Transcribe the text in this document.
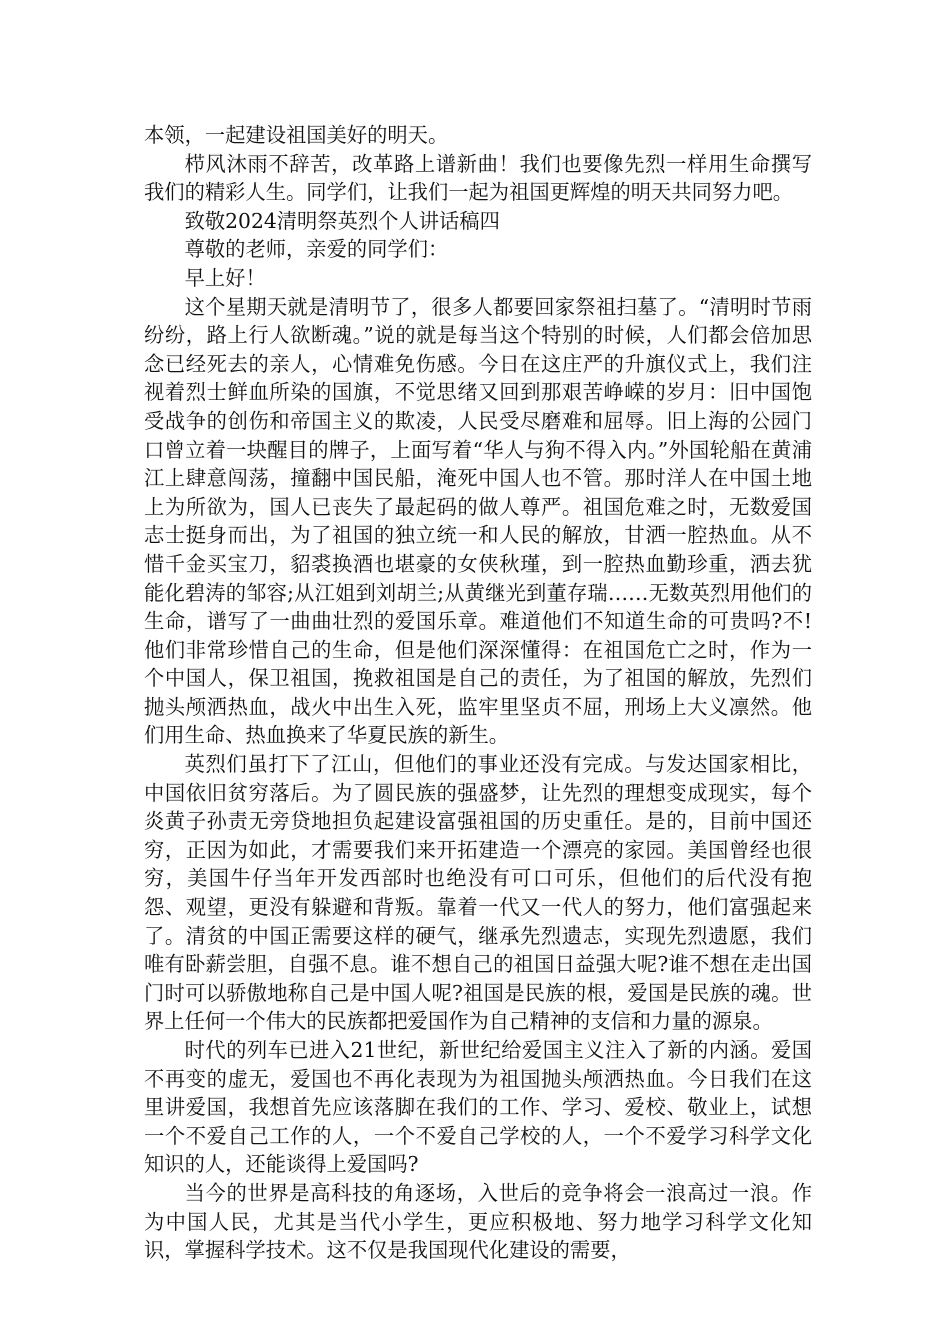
本领，一起建设祖国美好的明天。

栉风沐雨不辞苦，改革路上谱新曲！我们也要像先烈一样用生命撰写我们的精彩人生。同学们，让我们一起为祖国更辉煌的明天共同努力吧。

致敬2024清明祭英烈个人讲话稿四

尊敬的老师，亲爱的同学们：

早上好！

这个星期天就是清明节了，很多人都要回家祭祖扫墓了。“清明时节雨纷纷，路上行人欲断魂。”说的就是每当这个特别的时候，人们都会倍加思念已经死去的亲人，心情难免伤感。今日在这庄严的升旗仪式上，我们注视着烈士鲜血所染的国旗，不觉思绪又回到那艰苦峥嵘的岁月：旧中国饱受战争的创伤和帝国主义的欺凌，人民受尽磨难和屈辱。旧上海的公园门口曾立着一块醒目的牌子，上面写着“华人与狗不得入内。”外国轮船在黄浦江上肆意闯荡，撞翻中国民船，淹死中国人也不管。那时洋人在中国土地上为所欲为，国人已丧失了最起码的做人尊严。祖国危难之时，无数爱国志士挺身而出，为了祖国的独立统一和人民的解放，甘洒一腔热血。从不惜千金买宝刀，貂裘换酒也堪豪的女侠秋瑾，到一腔热血勤珍重，洒去犹能化碧涛的邹容;从江姐到刘胡兰;从黄继光到董存瑞……无数英烈用他们的生命，谱写了一曲曲壮烈的爱国乐章。难道他们不知道生命的可贵吗?不!他们非常珍惜自己的生命，但是他们深深懂得：在祖国危亡之时，作为一个中国人，保卫祖国，挽救祖国是自己的责任，为了祖国的解放，先烈们抛头颅洒热血，战火中出生入死，监牢里坚贞不屈，刑场上大义凛然。他们用生命、热血换来了华夏民族的新生。

英烈们虽打下了江山，但他们的事业还没有完成。与发达国家相比，中国依旧贫穷落后。为了圆民族的强盛梦，让先烈的理想变成现实，每个炎黄子孙责无旁贷地担负起建设富强祖国的历史重任。是的，目前中国还穷，正因为如此，才需要我们来开拓建造一个漂亮的家园。美国曾经也很穷，美国牛仔当年开发西部时也绝没有可口可乐，但他们的后代没有抱怨、观望，更没有躲避和背叛。靠着一代又一代人的努力，他们富强起来了。清贫的中国正需要这样的硬气，继承先烈遗志，实现先烈遗愿，我们唯有卧薪尝胆，自强不息。谁不想自己的祖国日益强大呢?谁不想在走出国门时可以骄傲地称自己是中国人呢?祖国是民族的根，爱国是民族的魂。世界上任何一个伟大的民族都把爱国作为自己精神的支信和力量的源泉。

时代的列车已进入21世纪，新世纪给爱国主义注入了新的内涵。爱国不再变的虚无，爱国也不再化表现为为祖国抛头颅洒热血。今日我们在这里讲爱国，我想首先应该落脚在我们的工作、学习、爱校、敬业上，试想一个不爱自己工作的人，一个不爱自己学校的人，一个不爱学习科学文化知识的人，还能谈得上爱国吗?

当今的世界是高科技的角逐场，入世后的竞争将会一浪高过一浪。作为中国人民，尤其是当代小学生，更应积极地、努力地学习科学文化知识，掌握科学技术。这不仅是我国现代化建设的需要，
